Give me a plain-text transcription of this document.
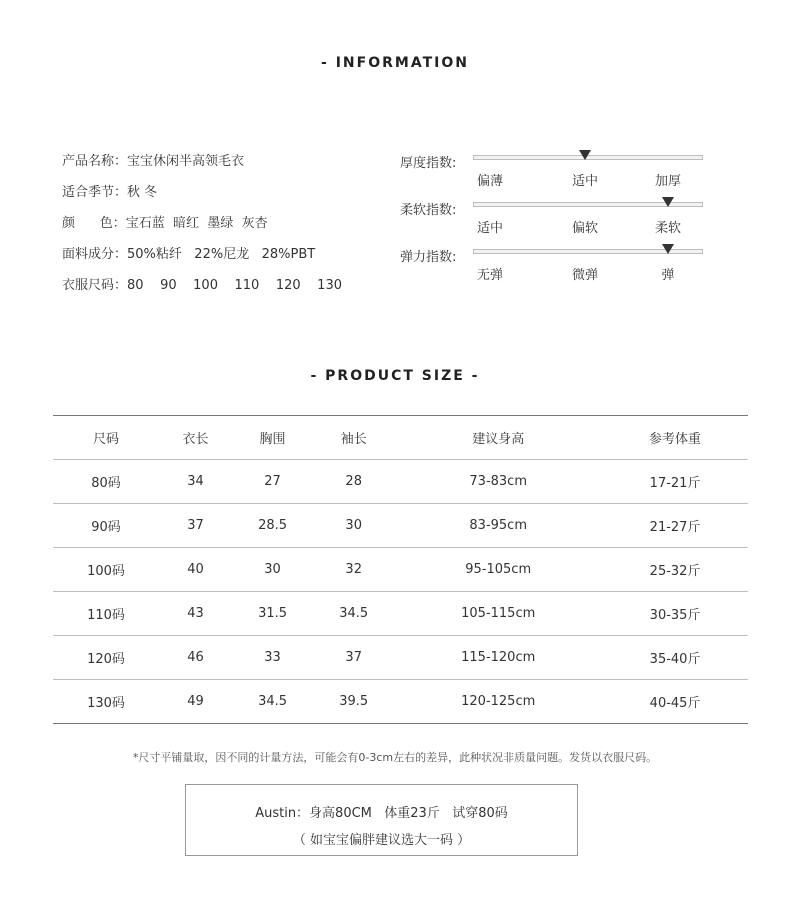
- INFORMATION
产品名称：宝宝休闲半高领毛衣
适合季节：秋 冬
颜      色：宝石蓝  暗红  墨绿  灰杏
面料成分：50%粘纤   22%尼龙   28%PBT
衣服尺码：80    90    100    110    120    130
厚度指数:
偏薄	适中	加厚
柔软指数:
适中	偏软	柔软
弹力指数:
无弹	微弹	弹
- PRODUCT SIZE -
尺码	衣长	胸围	袖长	建议身高	参考体重
80码	34	27	28	73-83cm	17-21斤
90码	37	28.5	30	83-95cm	21-27斤
100码	40	30	32	95-105cm	25-32斤
110码	43	31.5	34.5	105-115cm	30-35斤
120码	46	33	37	115-120cm	35-40斤
130码	49	34.5	39.5	120-125cm	40-45斤
*尺寸平铺量取，因不同的计量方法，可能会有0-3cm左右的差异，此种状况非质量问题。发货以衣服尺码。
Austin：身高80CM   体重23斤   试穿80码
（ 如宝宝偏胖建议选大一码 ）
